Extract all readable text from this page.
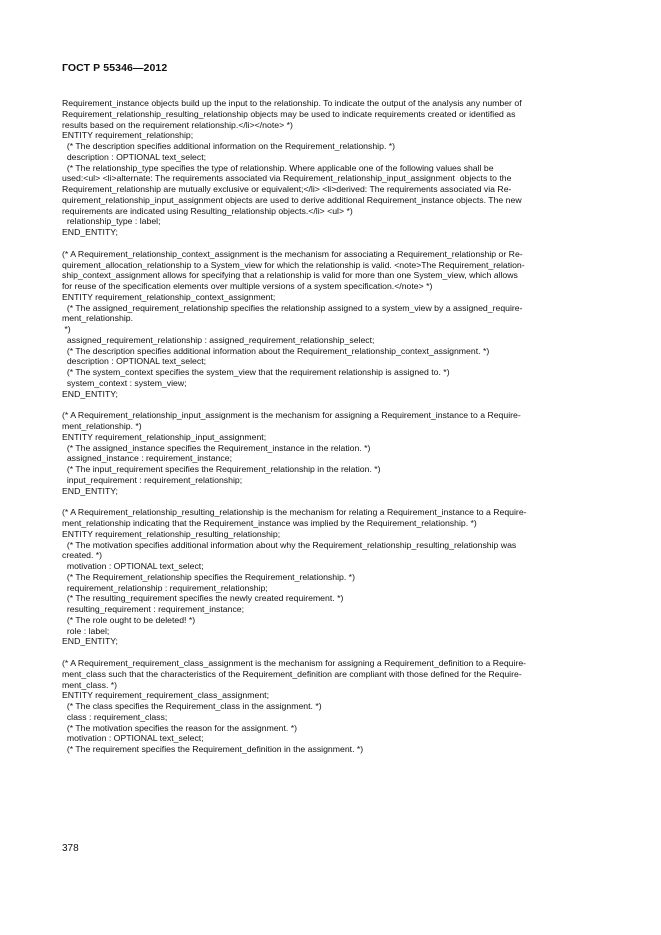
ГОСТ Р 55346—2012
Requirement_instance objects build up the input to the relationship. To indicate the output of the analysis any number of
Requirement_relationship_resulting_relationship objects may be used to indicate requirements created or identified as
results based on the requirement relationship.</li></note> *)
ENTITY requirement_relationship;
(* The description specifies additional information on the Requirement_relationship. *)
description : OPTIONAL text_select;
(* The relationship_type specifies the type of relationship. Where applicable one of the following values shall be
used:<ul> <li>alternate: The requirements associated via Requirement_relationship_input_assignment  objects to the
Requirement_relationship are mutually exclusive or equivalent;</li> <li>derived: The requirements associated via Re-
quirement_relationship_input_assignment objects are used to derive additional Requirement_instance objects. The new
requirements are indicated using Resulting_relationship objects.</li> <ul> *)
relationship_type : label;
END_ENTITY;
(* A Requirement_relationship_context_assignment is the mechanism for associating a Requirement_relationship or Re-
quirement_allocation_relationship to a System_view for which the relationship is valid. <note>The Requirement_relation-
ship_context_assignment allows for specifying that a relationship is valid for more than one System_view, which allows
for reuse of the specification elements over multiple versions of a system specification.</note> *)
ENTITY requirement_relationship_context_assignment;
(* The assigned_requirement_relationship specifies the relationship assigned to a system_view by a assigned_require-
ment_relationship.
*)
assigned_requirement_relationship : assigned_requirement_relationship_select;
(* The description specifies additional information about the Requirement_relationship_context_assignment. *)
description : OPTIONAL text_select;
(* The system_context specifies the system_view that the requirement relationship is assigned to. *)
system_context : system_view;
END_ENTITY;
(* A Requirement_relationship_input_assignment is the mechanism for assigning a Requirement_instance to a Require-
ment_relationship. *)
ENTITY requirement_relationship_input_assignment;
(* The assigned_instance specifies the Requirement_instance in the relation. *)
assigned_instance : requirement_instance;
(* The input_requirement specifies the Requirement_relationship in the relation. *)
input_requirement : requirement_relationship;
END_ENTITY;
(* A Requirement_relationship_resulting_relationship is the mechanism for relating a Requirement_instance to a Require-
ment_relationship indicating that the Requirement_instance was implied by the Requirement_relationship. *)
ENTITY requirement_relationship_resulting_relationship;
(* The motivation specifies additional information about why the Requirement_relationship_resulting_relationship was
created. *)
motivation : OPTIONAL text_select;
(* The Requirement_relationship specifies the Requirement_relationship. *)
requirement_relationship : requirement_relationship;
(* The resulting_requirement specifies the newly created requirement. *)
resulting_requirement : requirement_instance;
(* The role ought to be deleted! *)
role : label;
END_ENTITY;
(* A Requirement_requirement_class_assignment is the mechanism for assigning a Requirement_definition to a Require-
ment_class such that the characteristics of the Requirement_definition are compliant with those defined for the Require-
ment_class. *)
ENTITY requirement_requirement_class_assignment;
(* The class specifies the Requirement_class in the assignment. *)
class : requirement_class;
(* The motivation specifies the reason for the assignment. *)
motivation : OPTIONAL text_select;
(* The requirement specifies the Requirement_definition in the assignment. *)
378
